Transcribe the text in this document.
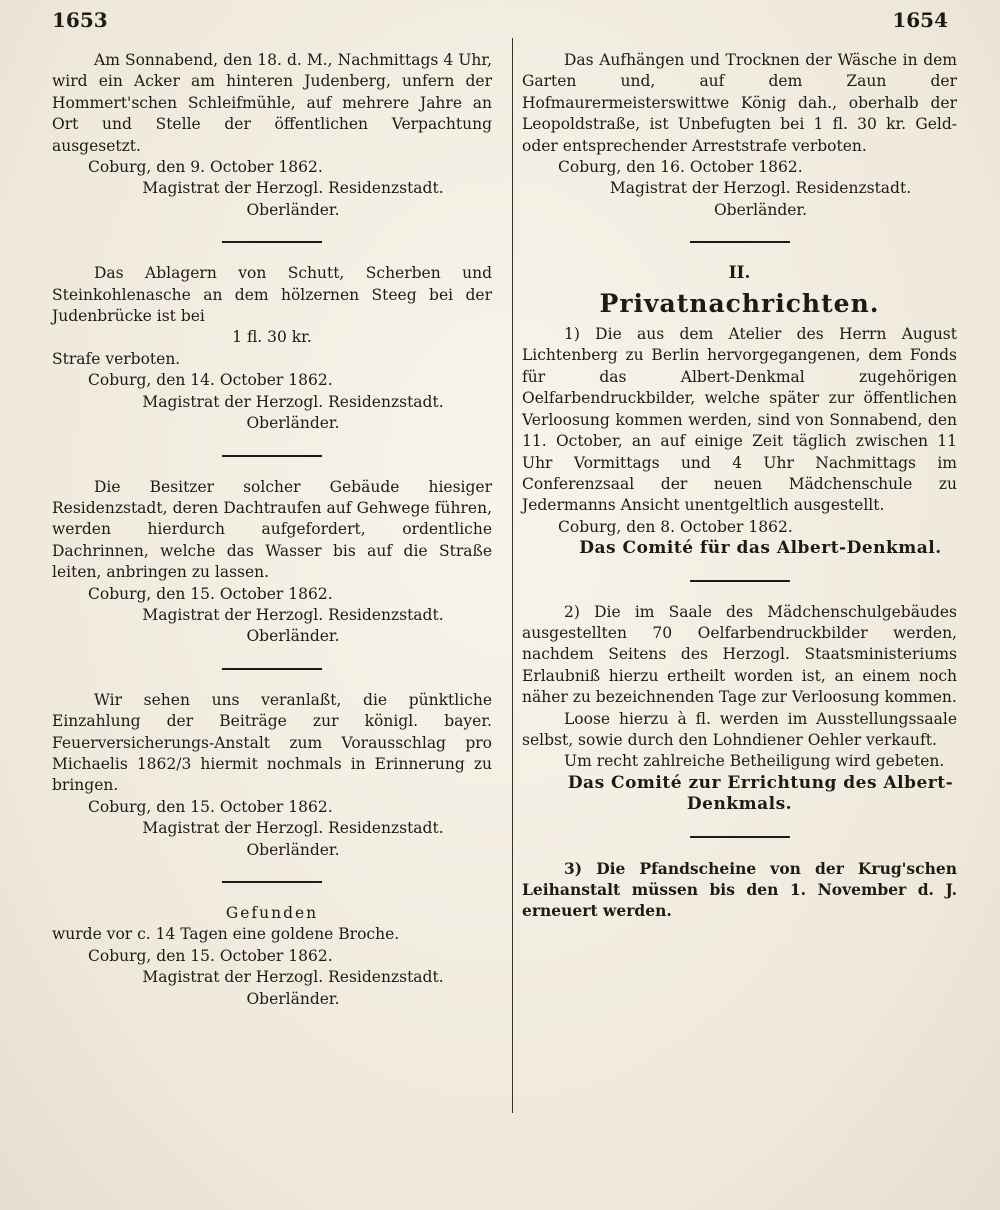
1653	1654

Am Sonnabend, den 18. d. M., Nachmittags 4 Uhr, wird ein Acker am hinteren Judenberg, unfern der Hommert'schen Schleifmühle, auf mehrere Jahre an Ort und Stelle der öffentlichen Verpachtung ausgesetzt.

Coburg, den 9. October 1862.

Magistrat der Herzogl. Residenzstadt.

Oberländer.

Das Ablagern von Schutt, Scherben und Steinkohlenasche an dem hölzernen Steeg bei der Judenbrücke ist bei

1 fl. 30 kr.

Strafe verboten.

Coburg, den 14. October 1862.

Magistrat der Herzogl. Residenzstadt.

Oberländer.

Die Besitzer solcher Gebäude hiesiger Residenzstadt, deren Dachtraufen auf Gehwege führen, werden hierdurch aufgefordert, ordentliche Dachrinnen, welche das Wasser bis auf die Straße leiten, anbringen zu lassen.

Coburg, den 15. October 1862.

Magistrat der Herzogl. Residenzstadt.

Oberländer.

Wir sehen uns veranlaßt, die pünktliche Einzahlung der Beiträge zur königl. bayer. Feuerversicherungs-Anstalt zum Vorausschlag pro Michaelis 1862/3 hiermit nochmals in Erinnerung zu bringen.

Coburg, den 15. October 1862.

Magistrat der Herzogl. Residenzstadt.

Oberländer.

Gefunden

wurde vor c. 14 Tagen eine goldene Broche.

Coburg, den 15. October 1862.

Magistrat der Herzogl. Residenzstadt.

Oberländer.

Das Aufhängen und Trocknen der Wäsche in dem Garten und, auf dem Zaun der Hofmaurermeisterswittwe König dah., oberhalb der Leopoldstraße, ist Unbefugten bei 1 fl. 30 kr. Geld- oder entsprechender Arreststrafe verboten.

Coburg, den 16. October 1862.

Magistrat der Herzogl. Residenzstadt.

Oberländer.

II.
Privatnachrichten.

1) Die aus dem Atelier des Herrn August Lichtenberg zu Berlin hervorgegangenen, dem Fonds für das Albert-Denkmal zugehörigen Oelfarbendruckbilder, welche später zur öffentlichen Verloosung kommen werden, sind von Sonnabend, den 11. October, an auf einige Zeit täglich zwischen 11 Uhr Vormittags und 4 Uhr Nachmittags im Conferenzsaal der neuen Mädchenschule zu Jedermanns Ansicht unentgeltlich ausgestellt.

Coburg, den 8. October 1862.

Das Comité für das Albert-Denkmal.

2) Die im Saale des Mädchenschulgebäudes ausgestellten 70 Oelfarbendruckbilder werden, nachdem Seitens des Herzogl. Staatsministeriums Erlaubniß hierzu ertheilt worden ist, an einem noch näher zu bezeichnenden Tage zur Verloosung kommen.

Loose hierzu à fl. werden im Ausstellungssaale selbst, sowie durch den Lohndiener Oehler verkauft.

Um recht zahlreiche Betheiligung wird gebeten.

Das Comité zur Errichtung des Albert-Denkmals.

3) Die Pfandscheine von der Krug'schen Leihanstalt müssen bis den 1. November d. J. erneuert werden.
